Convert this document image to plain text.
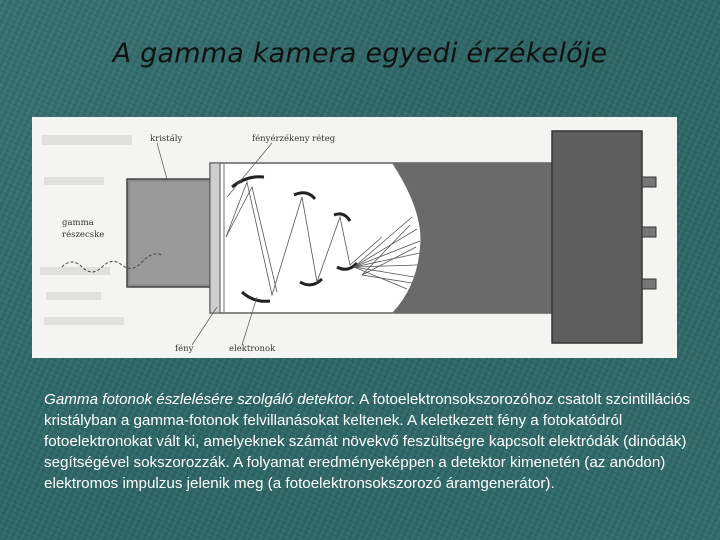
A gamma kamera egyedi érzékelője
kristály	fényérzékeny réteg
gamma
részecske
fény	elektronok
Gamma fotonok észlelésére szolgáló detektor. A fotoelektronsokszorozóhoz csatolt szcintillációs kristályban a gamma-fotonok felvillanásokat keltenek. A keletkezett fény a fotokatódról fotoelektronokat vált ki, amelyeknek számát növekvő feszültségre kapcsolt elektródák (dinódák) segítségével sokszorozzák. A folyamat eredményeképpen a detektor kimenetén (az anódon) elektromos impulzus jelenik meg (a fotoelektronsokszorozó áramgenerátor).
